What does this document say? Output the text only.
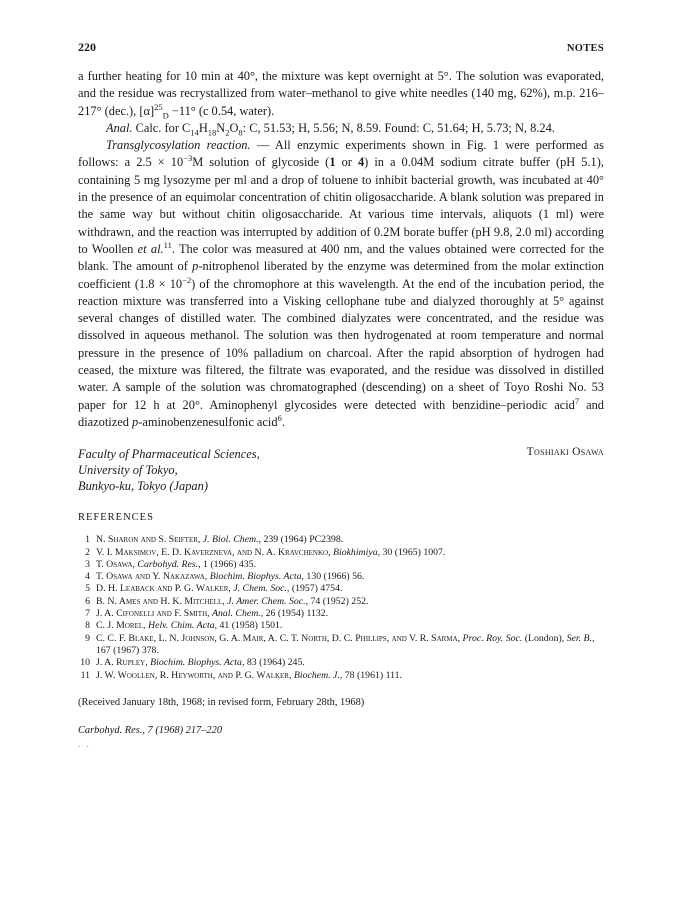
220	NOTES

a further heating for 10 min at 40°, the mixture was kept overnight at 5°. The solution was evaporated, and the residue was recrystallized from water–methanol to give white needles (140 mg, 62%), m.p. 216–217° (dec.), $[\alpha]^{25}_D -11^\circ$ (c 0.54, water).

Anal. Calc. for $C_{14}H_{18}N_2O_8$: C, 51.53; H, 5.56; N, 8.59. Found: C, 51.64; H, 5.73; N, 8.24.

Transglycosylation reaction. — All enzymic experiments shown in Fig. 1 were performed as follows: a $2.5 \times 10^{-3}M$ solution of glycoside (1 or 4) in a 0.04M sodium citrate buffer (pH 5.1), containing 5 mg lysozyme per ml and a drop of toluene to inhibit bacterial growth, was incubated at 40° in the presence of an equimolar concentration of chitin oligosaccharide. A blank solution was prepared in the same way but without chitin oligosaccharide. At various time intervals, aliquots (1 ml) were withdrawn, and the reaction was interrupted by addition of 0.2M borate buffer (pH 9.8, 2.0 ml) according to Woollen et al.$^{11}$. The color was measured at 400 nm, and the values obtained were corrected for the blank. The amount of p-nitrophenol liberated by the enzyme was determined from the molar extinction coefficient $(1.8 \times 10^{-2})$ of the chromophore at this wavelength. At the end of the incubation period, the reaction mixture was transferred into a Visking cellophane tube and dialyzed thoroughly at 5° against several changes of distilled water. The combined dialyzates were concentrated, and the residue was dissolved in aqueous methanol. The solution was then hydrogenated at room temperature and normal pressure in the presence of 10% palladium on charcoal. After the rapid absorption of hydrogen had ceased, the mixture was filtered, the filtrate was evaporated, and the residue was dissolved in distilled water. A sample of the solution was chromatographed (descending) on a sheet of Toyo Roshi No. 53 paper for 12 h at 20°. Aminophenyl glycosides were detected with benzidine–periodic acid$^7$ and diazotized p-aminobenzenesulfonic acid$^6$.

Faculty of Pharmaceutical Sciences,
University of Tokyo,
Bunkyo-ku, Tokyo (Japan)
Toshiaki Osawa
REFERENCES
1 N. Sharon and S. Seifter, J. Biol. Chem., 239 (1964) PC2398.
2 V. I. Maksimov, E. D. Kaverzneva, and N. A. Kravchenko, Biokhimiya, 30 (1965) 1007.
3 T. Osawa, Carbohyd. Res., 1 (1966) 435.
4 T. Osawa and Y. Nakazawa, Biochim. Biophys. Acta, 130 (1966) 56.
5 D. H. Leaback and P. G. Walker, J. Chem. Soc., (1957) 4754.
6 B. N. Ames and H. K. Mitchell, J. Amer. Chem. Soc., 74 (1952) 252.
7 J. A. Cifonelli and F. Smith, Anal. Chem., 26 (1954) 1132.
8 C. J. Morel, Helv. Chim. Acta, 41 (1958) 1501.
9 C. C. F. Blake, L. N. Johnson, G. A. Mair, A. C. T. North, D. C. Phillips, and V. R. Sarma, Proc. Roy. Soc. (London), Ser. B., 167 (1967) 378.
10 J. A. Rupley, Biochim. Biophys. Acta, 83 (1964) 245.
11 J. W. Woollen, R. Heyworth, and P. G. Walker, Biochem. J., 78 (1961) 111.
(Received January 18th, 1968; in revised form, February 28th, 1968)
Carbohyd. Res., 7 (1968) 217–220
. .
